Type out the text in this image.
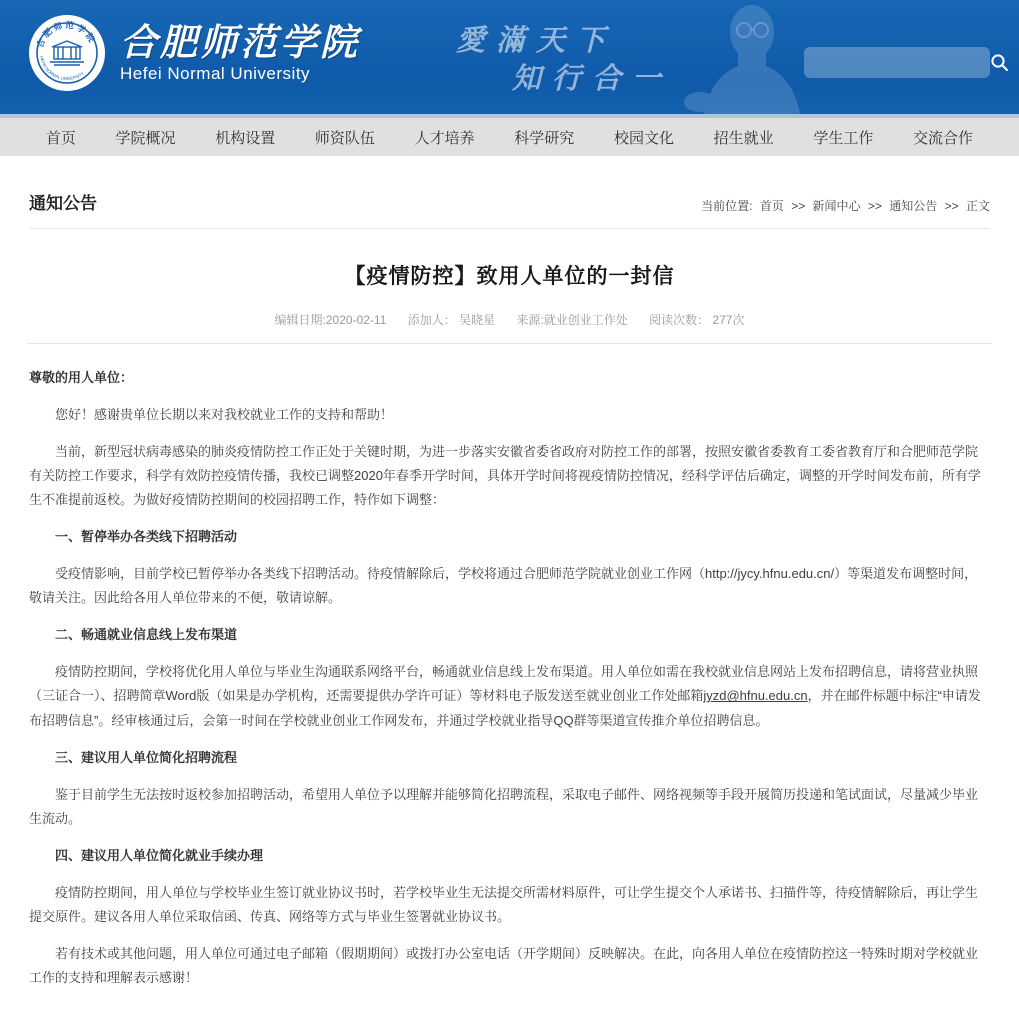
合 肥 师 范 学 院
HEFEI NORMAL UNIVERSITY
合肥师范学院
Hefei Normal University
愛滿天下
知行合一
首页	学院概况	机构设置	师资队伍	人才培养	科学研究	校园文化	招生就业	学生工作	交流合作
通知公告	当前位置: 首页 >> 新闻中心 >> 通知公告 >> 正文
【疫情防控】致用人单位的一封信
编辑日期:2020-02-11 添加人： 吴晓星 来源:就业创业工作处 阅读次数： 277次

尊敬的用人单位：

您好！感谢贵单位长期以来对我校就业工作的支持和帮助！

当前，新型冠状病毒感染的肺炎疫情防控工作正处于关键时期，为进一步落实安徽省委省政府对防控工作的部署，按照安徽省委教育工委省教育厅和合肥师范学院有关防控工作要求，科学有效防控疫情传播，我校已调整2020年春季开学时间，具体开学时间将视疫情防控情况，经科学评估后确定，调整的开学时间发布前，所有学生不准提前返校。为做好疫情防控期间的校园招聘工作，特作如下调整：

一、暂停举办各类线下招聘活动

受疫情影响，目前学校已暂停举办各类线下招聘活动。待疫情解除后，学校将通过合肥师范学院就业创业工作网（http://jycy.hfnu.edu.cn/）等渠道发布调整时间，敬请关注。因此给各用人单位带来的不便，敬请谅解。

二、畅通就业信息线上发布渠道

疫情防控期间，学校将优化用人单位与毕业生沟通联系网络平台，畅通就业信息线上发布渠道。用人单位如需在我校就业信息网站上发布招聘信息，请将营业执照（三证合一）、招聘简章Word版（如果是办学机构，还需要提供办学许可证）等材料电子版发送至就业创业工作处邮箱jyzd@hfnu.edu.cn，并在邮件标题中标注“申请发布招聘信息”。经审核通过后，会第一时间在学校就业创业工作网发布，并通过学校就业指导QQ群等渠道宣传推介单位招聘信息。

三、建议用人单位简化招聘流程

鉴于目前学生无法按时返校参加招聘活动，希望用人单位予以理解并能够简化招聘流程，采取电子邮件、网络视频等手段开展简历投递和笔试面试，尽量减少毕业生流动。

四、建议用人单位简化就业手续办理

疫情防控期间，用人单位与学校毕业生签订就业协议书时，若学校毕业生无法提交所需材料原件，可让学生提交个人承诺书、扫描件等，待疫情解除后，再让学生提交原件。建议各用人单位采取信函、传真、网络等方式与毕业生签署就业协议书。

若有技术或其他问题，用人单位可通过电子邮箱（假期期间）或拨打办公室电话（开学期间）反映解决。在此，向各用人单位在疫情防控这一特殊时期对学校就业工作的支持和理解表示感谢！
